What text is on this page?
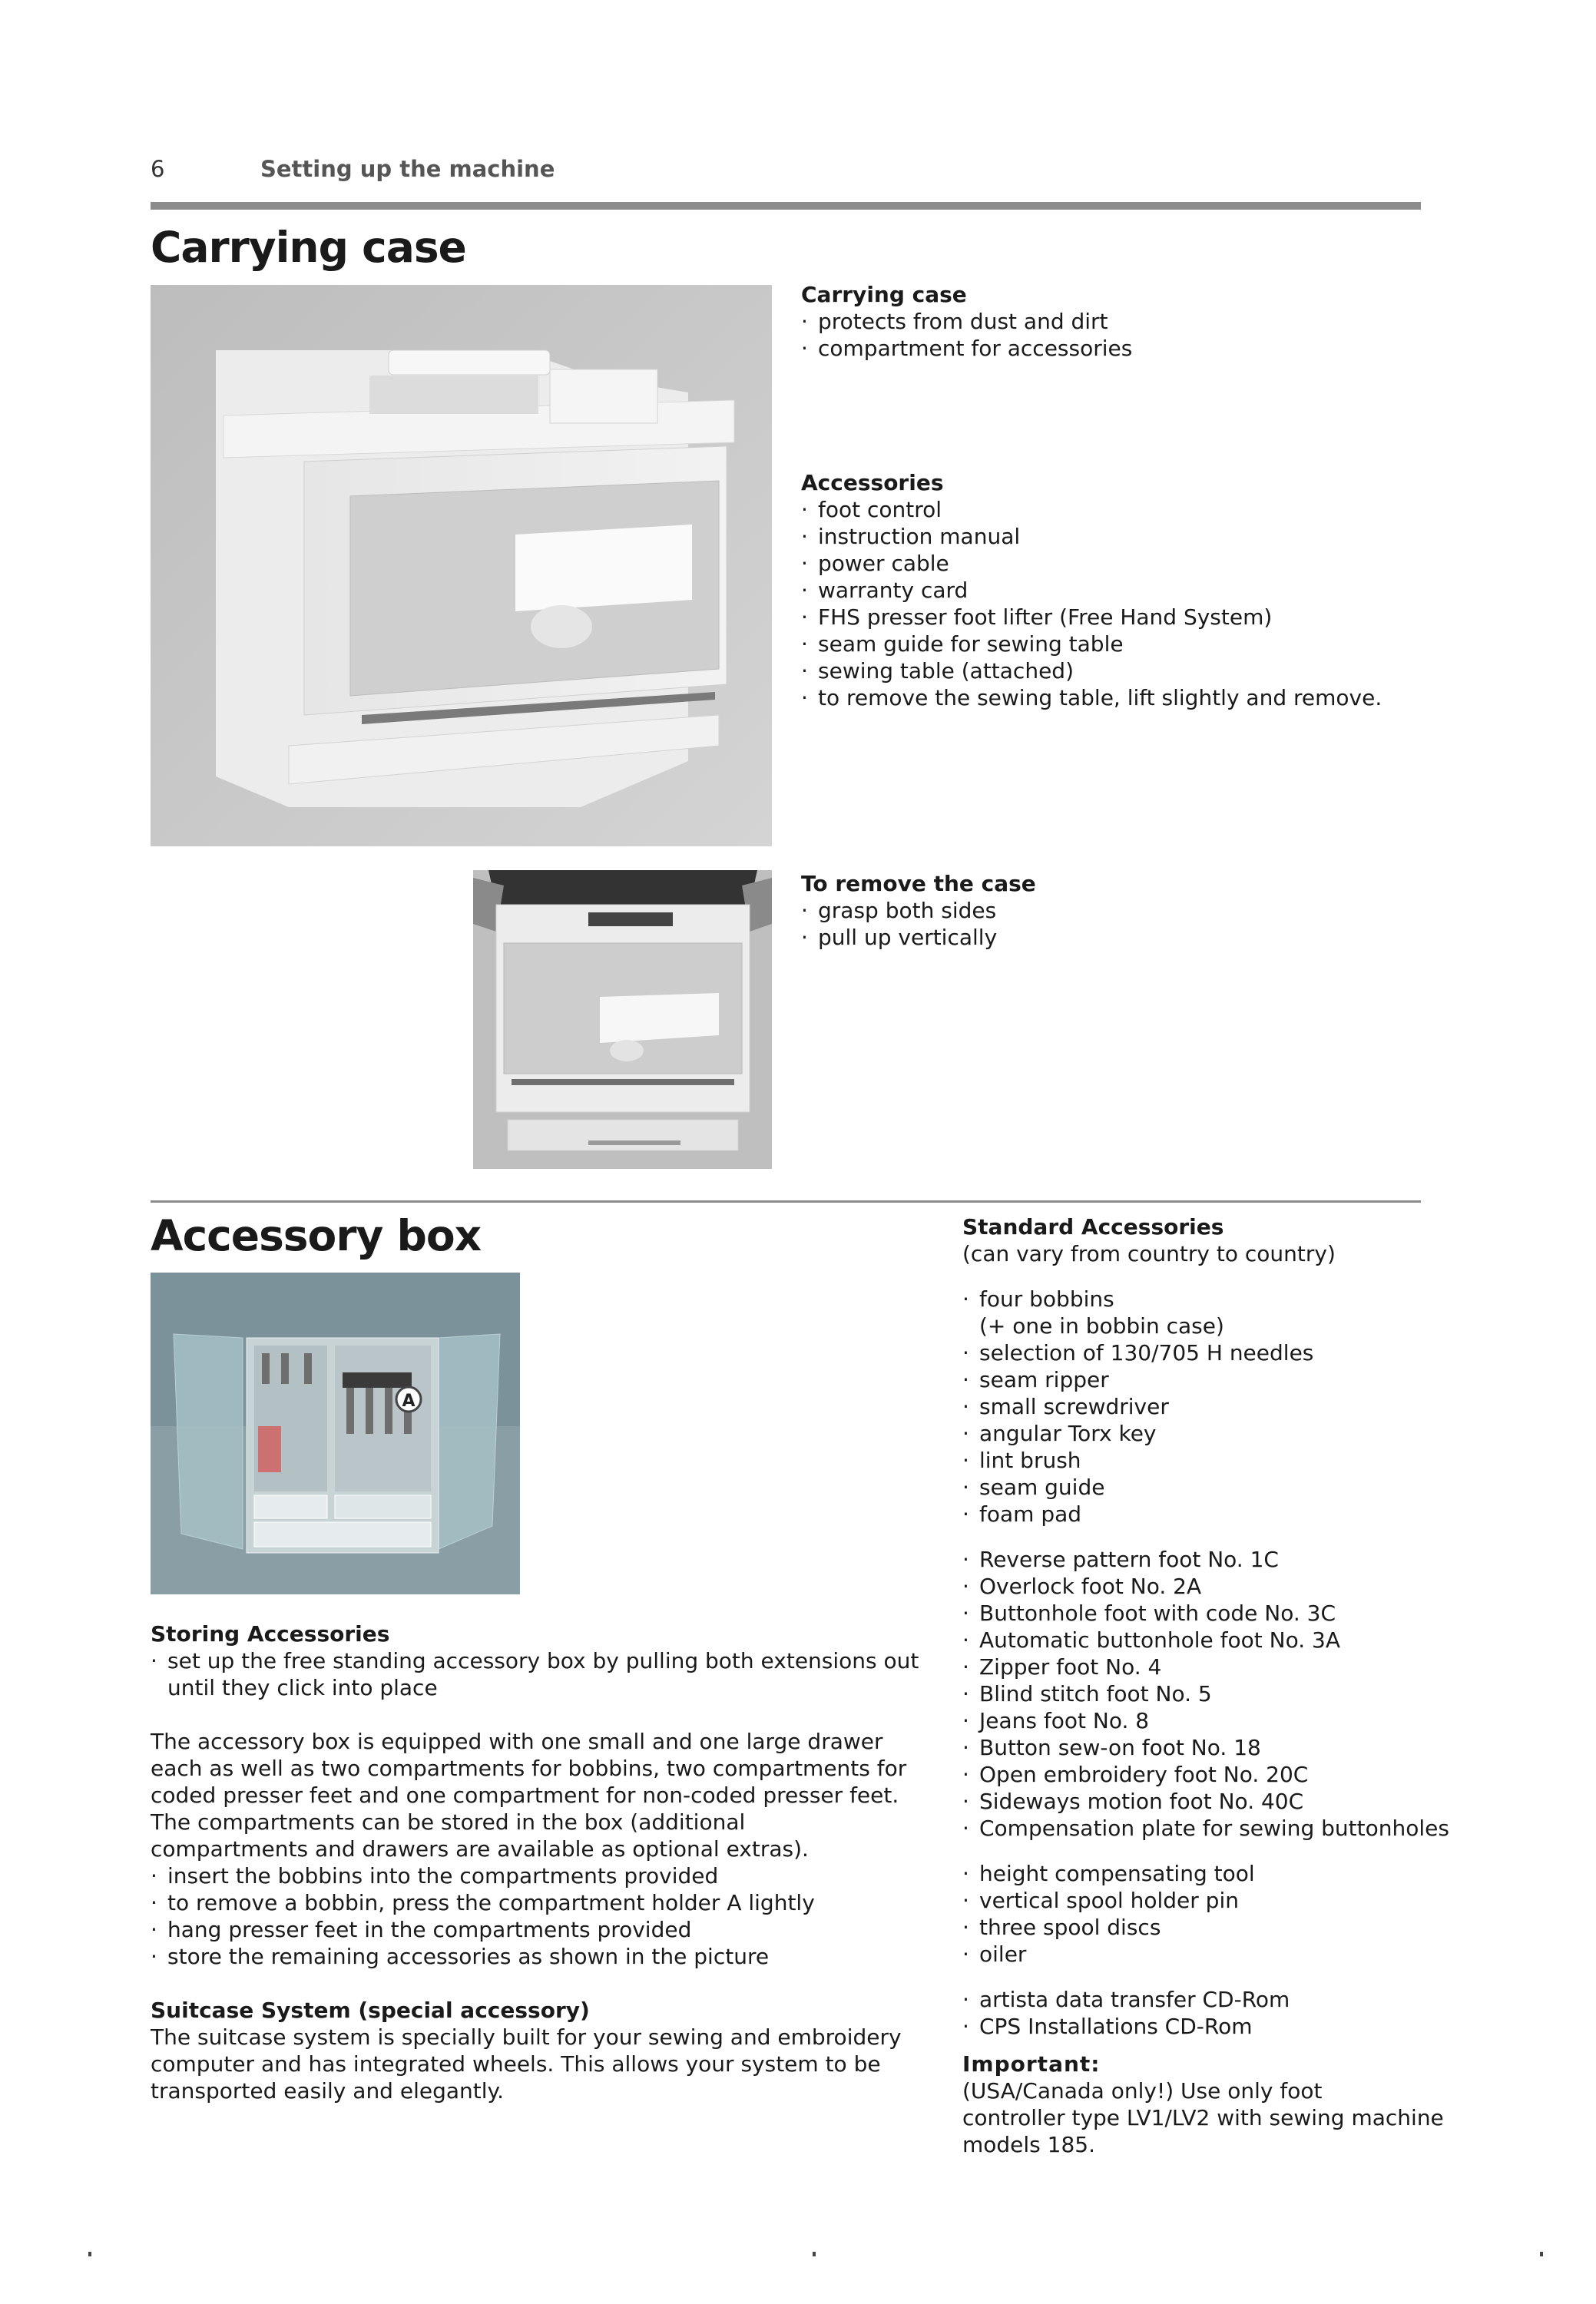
6	Setting up the machine
Carrying case
Carrying case
· protects from dust and dirt
· compartment for accessories
Accessories
· foot control
· instruction manual
· power cable
· warranty card
· FHS presser foot lifter (Free Hand System)
· seam guide for sewing table
· sewing table (attached)
· to remove the sewing table, lift slightly and remove.
To remove the case
· grasp both sides
· pull up vertically
Accessory box
A
Storing Accessories
· set up the free standing accessory box by pulling both extensions out
until they click into place

The accessory box is equipped with one small and one large drawer

each as well as two compartments for bobbins, two compartments for

coded presser feet and one compartment for non-coded presser feet.

The compartments can be stored in the box (additional

compartments and drawers are available as optional extras).

· insert the bobbins into the compartments provided
· to remove a bobbin, press the compartment holder A lightly
· hang presser feet in the compartments provided
· store the remaining accessories as shown in the picture
Suitcase System (special accessory)

The suitcase system is specially built for your sewing and embroidery

computer and has integrated wheels. This allows your system to be

transported easily and elegantly.

Standard Accessories
(can vary from country to country)
· four bobbins
(+ one in bobbin case)
· selection of 130/705 H needles
· seam ripper
· small screwdriver
· angular Torx key
· lint brush
· seam guide
· foam pad
· Reverse pattern foot No. 1C
· Overlock foot No. 2A
· Buttonhole foot with code No. 3C
· Automatic buttonhole foot No. 3A
· Zipper foot No. 4
· Blind stitch foot No. 5
· Jeans foot No. 8
· Button sew-on foot No. 18
· Open embroidery foot No. 20C
· Sideways motion foot No. 40C
· Compensation plate for sewing buttonholes
· height compensating tool
· vertical spool holder pin
· three spool discs
· oiler
· artista data transfer CD-Rom
· CPS Installations CD-Rom
Important:

(USA/Canada only!) Use only foot

controller type LV1/LV2 with sewing machine

models 185.
